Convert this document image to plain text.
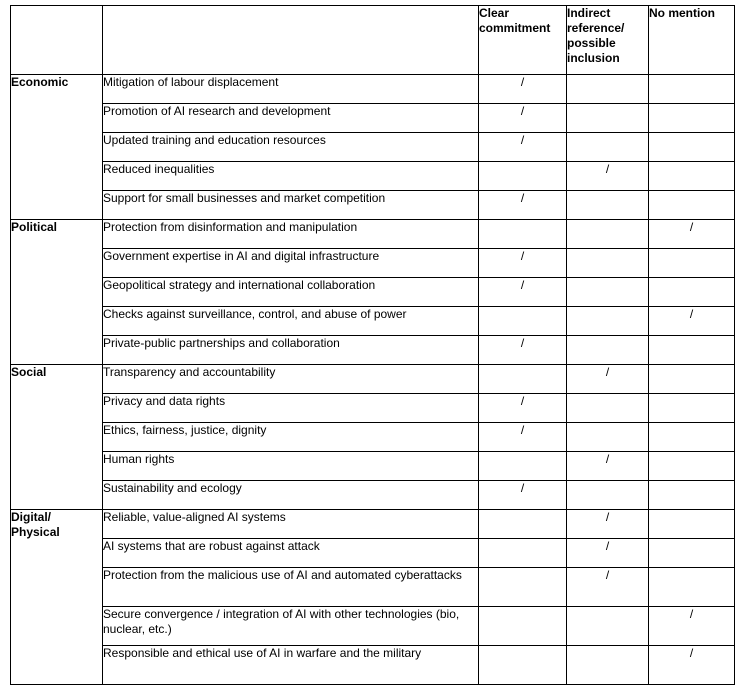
		Clear
commitment	Indirect
reference/
possible
inclusion	No mention

Economic	Mitigation of labour displacement	/		
	Promotion of AI research and development	/		
	Updated training and education resources	/		
	Reduced inequalities		/	
	Support for small businesses and market competition	/		

Political	Protection from disinformation and manipulation			/
	Government expertise in AI and digital infrastructure	/		
	Geopolitical strategy and international collaboration	/		
	Checks against surveillance, control, and abuse of power			/
	Private-public partnerships and collaboration	/		

Social	Transparency and accountability		/	
	Privacy and data rights	/		
	Ethics, fairness, justice, dignity	/		
	Human rights		/	
	Sustainability and ecology	/		

Digital/
Physical	Reliable, value-aligned AI systems		/	
	AI systems that are robust against attack		/	
	Protection from the malicious use of AI and automated cyberattacks		/	
	Secure convergence / integration of AI with other technologies (bio, nuclear, etc.)			/
	Responsible and ethical use of AI in warfare and the military			/
